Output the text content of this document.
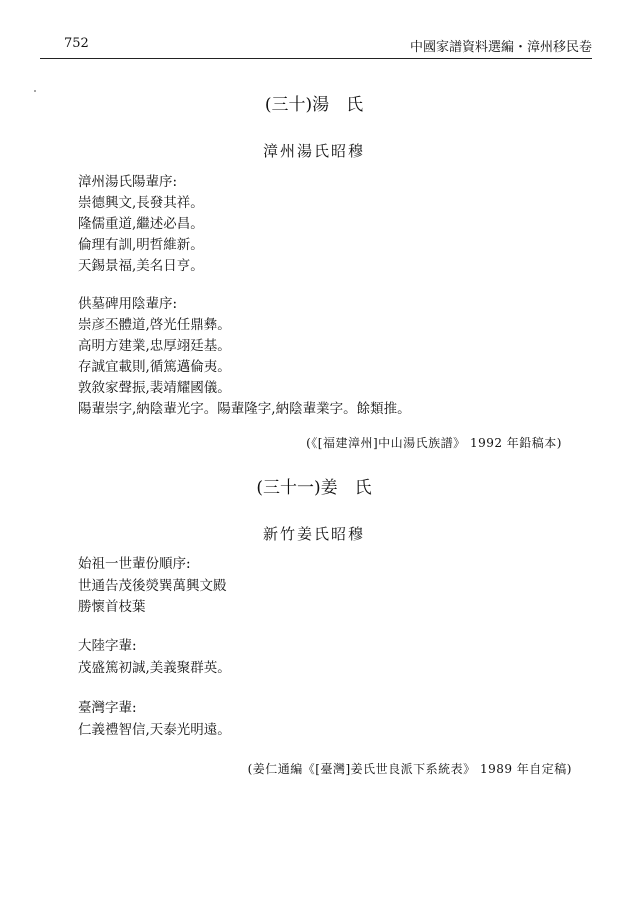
752	中國家譜資料選編・漳州移民卷
(三十)湯　氏
漳州湯氏昭穆
漳州湯氏陽輩序:
崇德興文,長發其祥。
隆儒重道,繼述必昌。
倫理有訓,明哲維新。
天錫景福,美名日亨。
供墓碑用陰輩序:
崇彦丕體道,啓光任鼎彝。
高明方建業,忠厚翊廷基。
存誠宜載則,循篤邁倫夷。
敦敘家聲振,裴靖耀國儀。
陽輩崇字,納陰輩光字。陽輩隆字,納陰輩業字。餘類推。
(《[福建漳州]中山湯氏族譜》 1992 年鉛稿本)
(三十一)姜　氏
新竹姜氏昭穆
始祖一世輩份順序:
世通告茂後熒巽萬興文殿
勝懷首枝葉
大陸字輩:
茂盛篤初誠,美義聚群英。
臺灣字輩:
仁義禮智信,天泰光明遠。
(姜仁通編《[臺灣]姜氏世良派下系統表》 1989 年自定稿)
